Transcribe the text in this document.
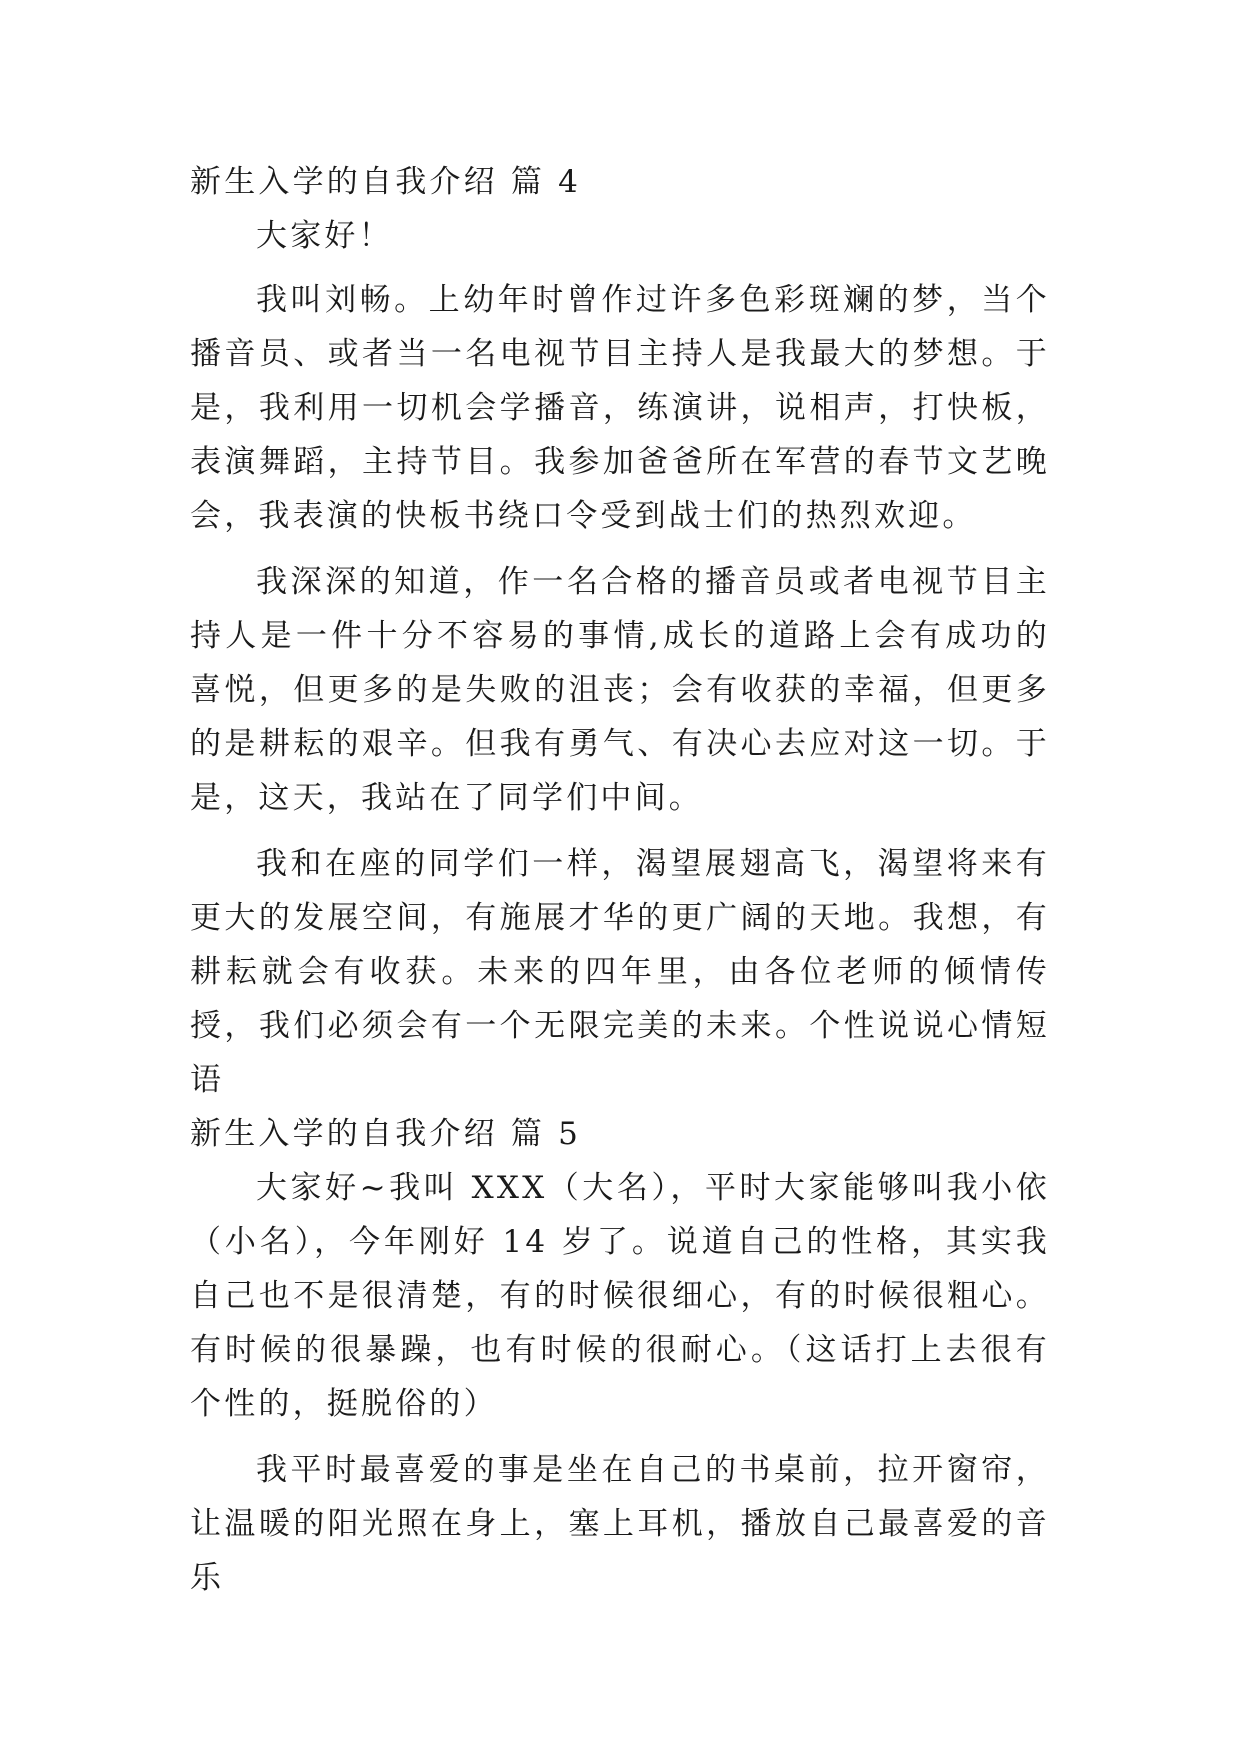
新生入学的自我介绍 篇 4

大家好！

我叫刘畅。上幼年时曾作过许多色彩斑斓的梦，当个播音员、或者当一名电视节目主持人是我最大的梦想。于是，我利用一切机会学播音，练演讲，说相声，打快板，表演舞蹈，主持节目。我参加爸爸所在军营的春节文艺晚会，我表演的快板书绕口令受到战士们的热烈欢迎。

我深深的知道，作一名合格的播音员或者电视节目主持人是一件十分不容易的事情,成长的道路上会有成功的喜悦，但更多的是失败的沮丧；会有收获的幸福，但更多的是耕耘的艰辛。但我有勇气、有决心去应对这一切。于是，这天，我站在了同学们中间。

我和在座的同学们一样，渴望展翅高飞，渴望将来有更大的发展空间，有施展才华的更广阔的天地。我想，有耕耘就会有收获。未来的四年里，由各位老师的倾情传授，我们必须会有一个无限完美的未来。个性说说心情短语

新生入学的自我介绍 篇 5

大家好~我叫 XXX（大名），平时大家能够叫我小依（小名），今年刚好 14 岁了。说道自己的性格，其实我自己也不是很清楚，有的时候很细心，有的时候很粗心。有时候的很暴躁，也有时候的很耐心。（这话打上去很有个性的，挺脱俗的）

我平时最喜爱的事是坐在自己的书桌前，拉开窗帘，让温暖的阳光照在身上，塞上耳机，播放自己最喜爱的音乐
